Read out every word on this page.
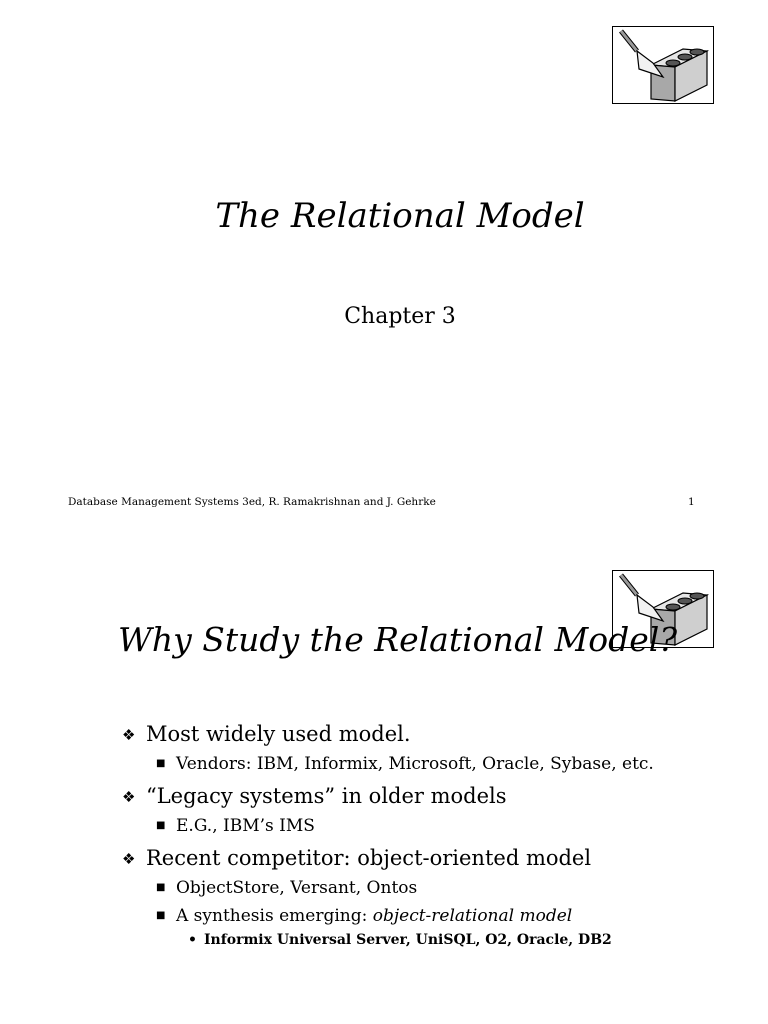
The Relational Model
Chapter 3
Database Management Systems 3ed, R. Ramakrishnan and J. Gehrke	1
Why Study the Relational Model?
❖ Most widely used model.
■ Vendors: IBM, Informix, Microsoft, Oracle, Sybase, etc.
❖ “Legacy systems” in older models
■ E.G., IBM’s IMS
❖ Recent competitor: object-oriented model
■ ObjectStore, Versant, Ontos
■ A synthesis emerging: object-relational model
• Informix Universal Server, UniSQL, O2, Oracle, DB2
